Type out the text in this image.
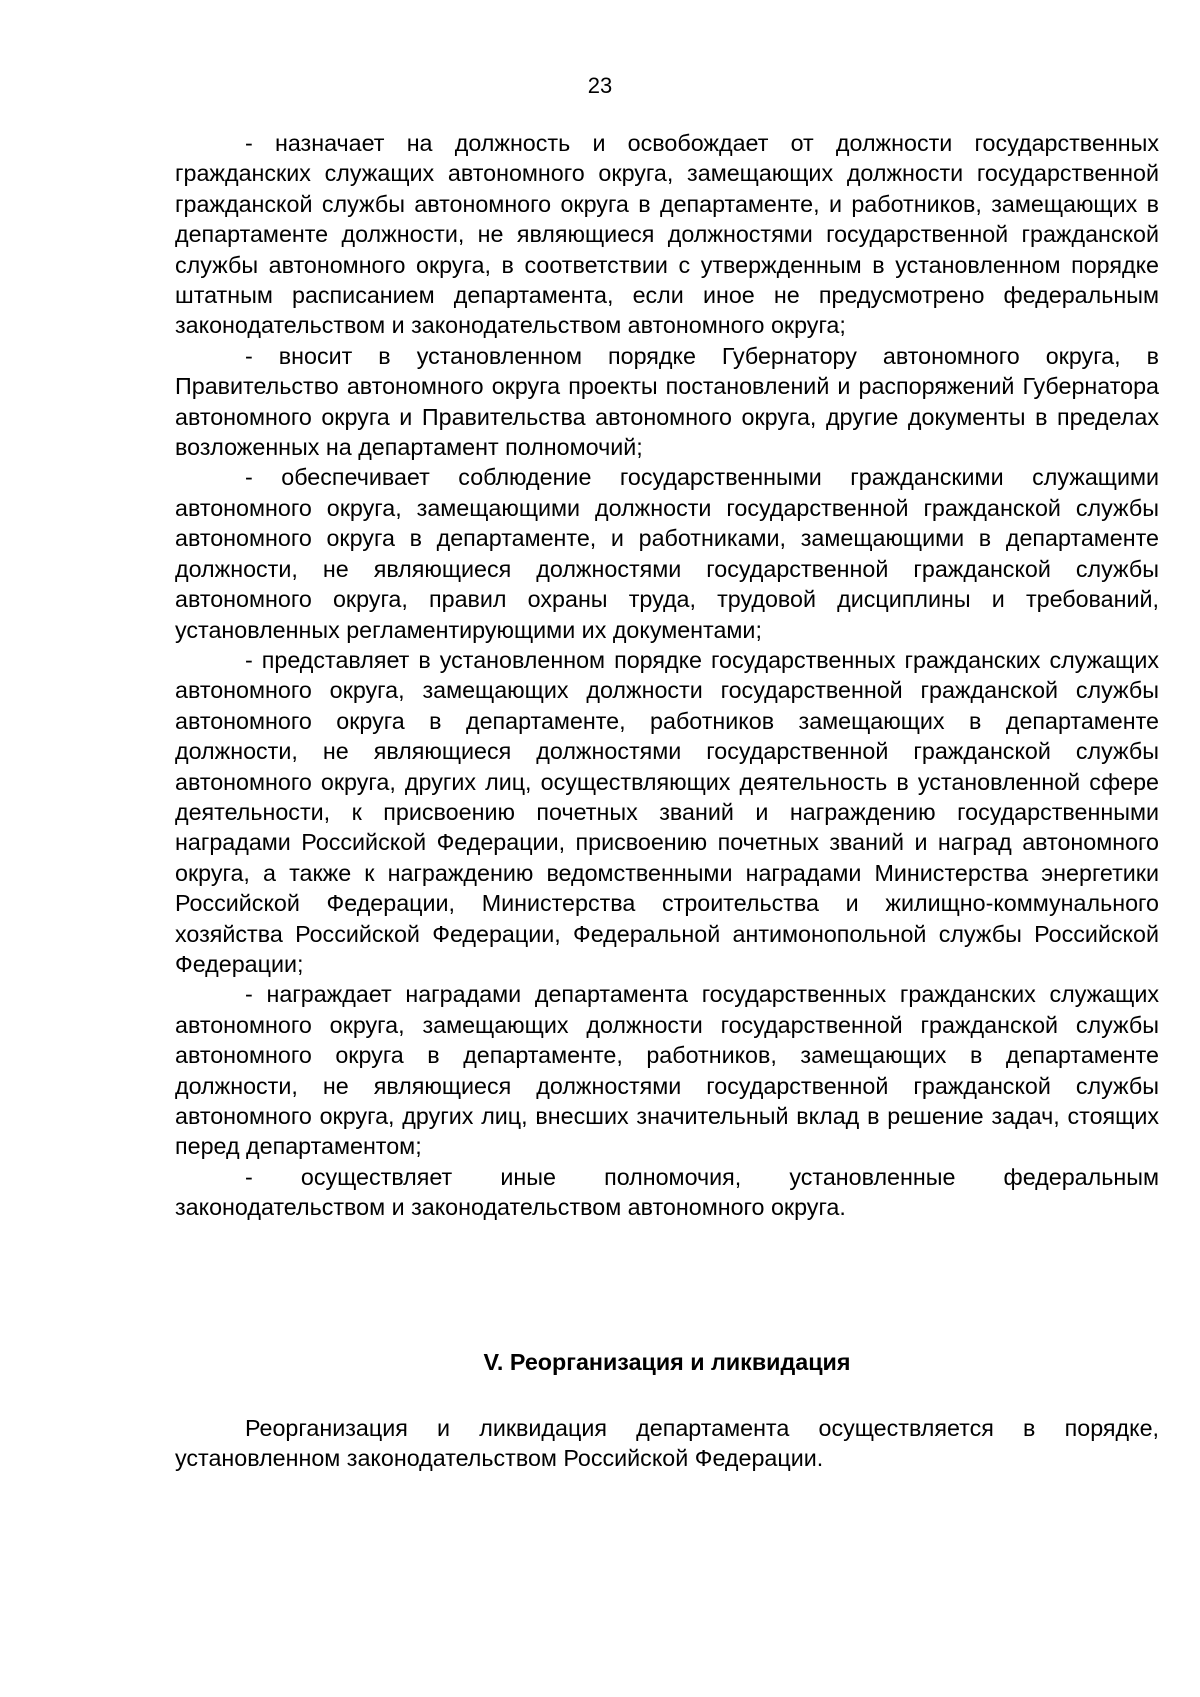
23

- назначает на должность и освобождает от должности государственных гражданских служащих автономного округа, замещающих должности государственной гражданской службы автономного округа в департаменте, и работников, замещающих в департаменте должности, не являющиеся должностями государственной гражданской службы автономного округа, в соответствии с утвержденным в установленном порядке штатным расписанием департамента, если иное не предусмотрено федеральным законодательством и законодательством автономного округа;

- вносит в установленном порядке Губернатору автономного округа, в Правительство автономного округа проекты постановлений и распоряжений Губернатора автономного округа и Правительства автономного округа, другие документы в пределах возложенных на департамент полномочий;

- обеспечивает соблюдение государственными гражданскими служащими автономного округа, замещающими должности государственной гражданской службы автономного округа в департаменте, и работниками, замещающими в департаменте должности, не являющиеся должностями государственной гражданской службы автономного округа, правил охраны труда, трудовой дисциплины и требований, установленных регламентирующими их документами;

- представляет в установленном порядке государственных гражданских служащих автономного округа, замещающих должности государственной гражданской службы автономного округа в департаменте, работников замещающих в департаменте должности, не являющиеся должностями государственной гражданской службы автономного округа, других лиц, осуществляющих деятельность в установленной сфере деятельности, к присвоению почетных званий и награждению государственными наградами Российской Федерации, присвоению почетных званий и наград автономного округа, а также к награждению ведомственными наградами Министерства энергетики Российской Федерации, Министерства строительства и жилищно-коммунального хозяйства Российской Федерации, Федеральной антимонопольной службы Российской Федерации;

- награждает наградами департамента государственных гражданских служащих автономного округа, замещающих должности государственной гражданской службы автономного округа в департаменте, работников, замещающих в департаменте должности, не являющиеся должностями государственной гражданской службы автономного округа, других лиц, внесших значительный вклад в решение задач, стоящих перед департаментом;

- осуществляет иные полномочия, установленные федеральным законодательством и законодательством автономного округа.

V. Реорганизация и ликвидация

Реорганизация и ликвидация департамента осуществляется в порядке, установленном законодательством Российской Федерации.
